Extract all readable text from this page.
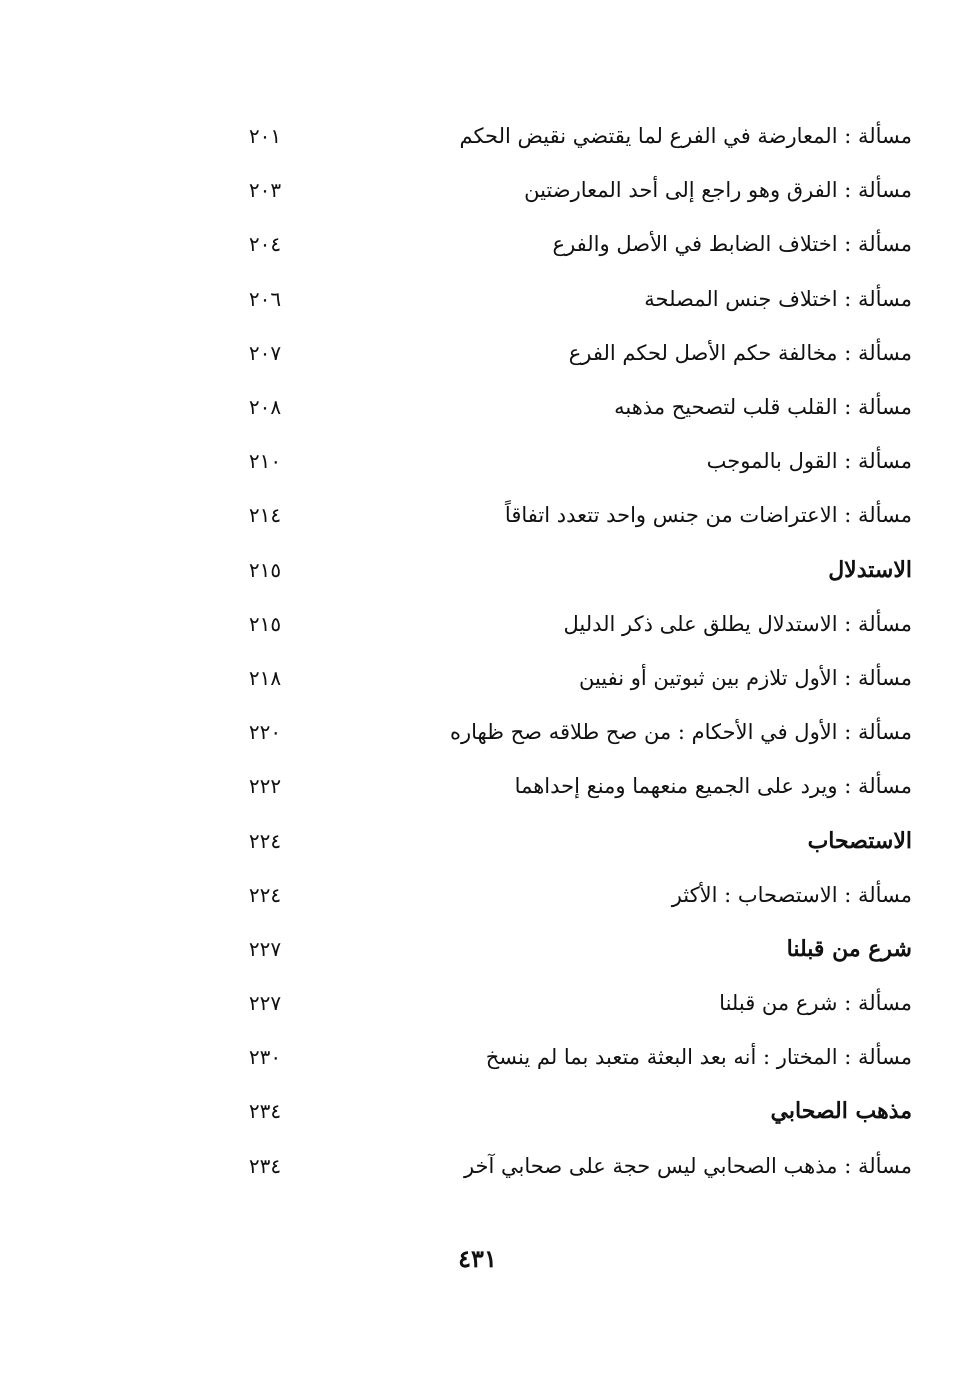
مسألة : المعارضة في الفرع لما يقتضي نقيض الحكم
٢٠١
مسألة : الفرق وهو راجع إلى أحد المعارضتين
٢٠٣
مسألة : اختلاف الضابط في الأصل والفرع
٢٠٤
مسألة : اختلاف جنس المصلحة
٢٠٦
مسألة : مخالفة حكم الأصل لحكم الفرع
٢٠٧
مسألة : القلب قلب لتصحيح مذهبه
٢٠٨
مسألة : القول بالموجب
٢١٠
مسألة : الاعتراضات من جنس واحد تتعدد اتفاقاً
٢١٤
الاستدلال
٢١٥
مسألة : الاستدلال يطلق على ذكر الدليل
٢١٥
مسألة : الأول تلازم بين ثبوتين أو نفيين
٢١٨
مسألة : الأول في الأحكام : من صح طلاقه صح ظهاره
٢٢٠
مسألة : ويرد على الجميع منعهما ومنع إحداهما
٢٢٢
الاستصحاب
٢٢٤
مسألة : الاستصحاب : الأكثر
٢٢٤
شرع من قبلنا
٢٢٧
مسألة : شرع من قبلنا
٢٢٧
مسألة : المختار : أنه بعد البعثة متعبد بما لم ينسخ
٢٣٠
مذهب الصحابي
٢٣٤
مسألة : مذهب الصحابي ليس حجة على صحابي آخر
٢٣٤
٤٣١
